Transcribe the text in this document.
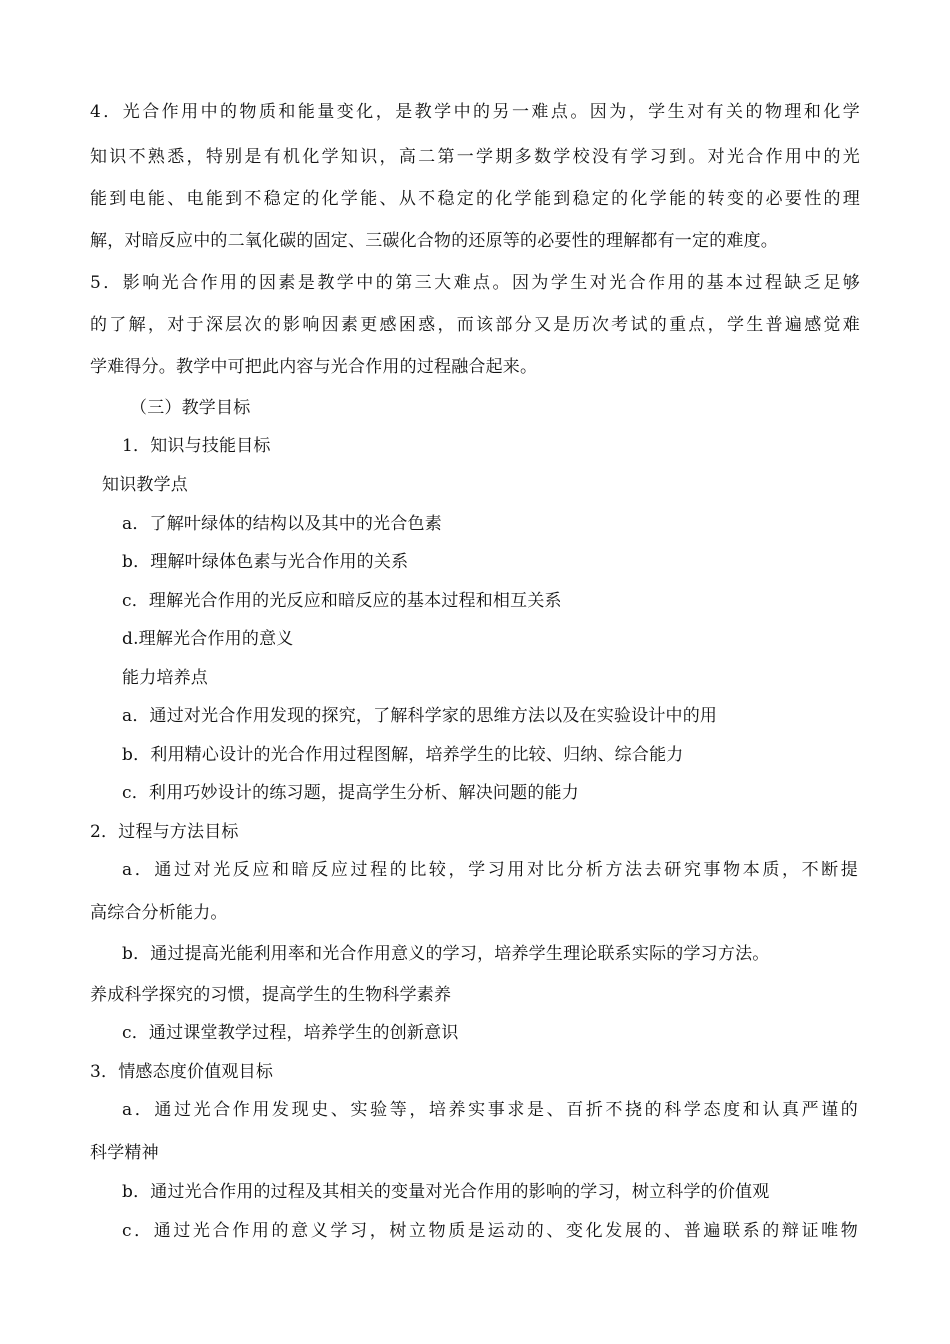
4．光合作用中的物质和能量变化，是教学中的另一难点。因为，学生对有关的物理和化学
知识不熟悉，特别是有机化学知识，高二第一学期多数学校没有学习到。对光合作用中的光
能到电能、电能到不稳定的化学能、从不稳定的化学能到稳定的化学能的转变的必要性的理
解，对暗反应中的二氧化碳的固定、三碳化合物的还原等的必要性的理解都有一定的难度。
5．影响光合作用的因素是教学中的第三大难点。因为学生对光合作用的基本过程缺乏足够
的了解，对于深层次的影响因素更感困惑，而该部分又是历次考试的重点，学生普遍感觉难
学难得分。教学中可把此内容与光合作用的过程融合起来。
（三）教学目标
1．知识与技能目标
知识教学点
a．了解叶绿体的结构以及其中的光合色素
b．理解叶绿体色素与光合作用的关系
c．理解光合作用的光反应和暗反应的基本过程和相互关系
d.理解光合作用的意义
能力培养点
a．通过对光合作用发现的探究，了解科学家的思维方法以及在实验设计中的用
b．利用精心设计的光合作用过程图解，培养学生的比较、归纳、综合能力
c．利用巧妙设计的练习题，提高学生分析、解决问题的能力
2．过程与方法目标
a．通过对光反应和暗反应过程的比较，学习用对比分析方法去研究事物本质，不断提
高综合分析能力。
b．通过提高光能利用率和光合作用意义的学习，培养学生理论联系实际的学习方法。
养成科学探究的习惯，提高学生的生物科学素养
c．通过课堂教学过程，培养学生的创新意识
3．情感态度价值观目标
a．通过光合作用发现史、实验等，培养实事求是、百折不挠的科学态度和认真严谨的
科学精神
b．通过光合作用的过程及其相关的变量对光合作用的影响的学习，树立科学的价值观
c．通过光合作用的意义学习，树立物质是运动的、变化发展的、普遍联系的辩证唯物
